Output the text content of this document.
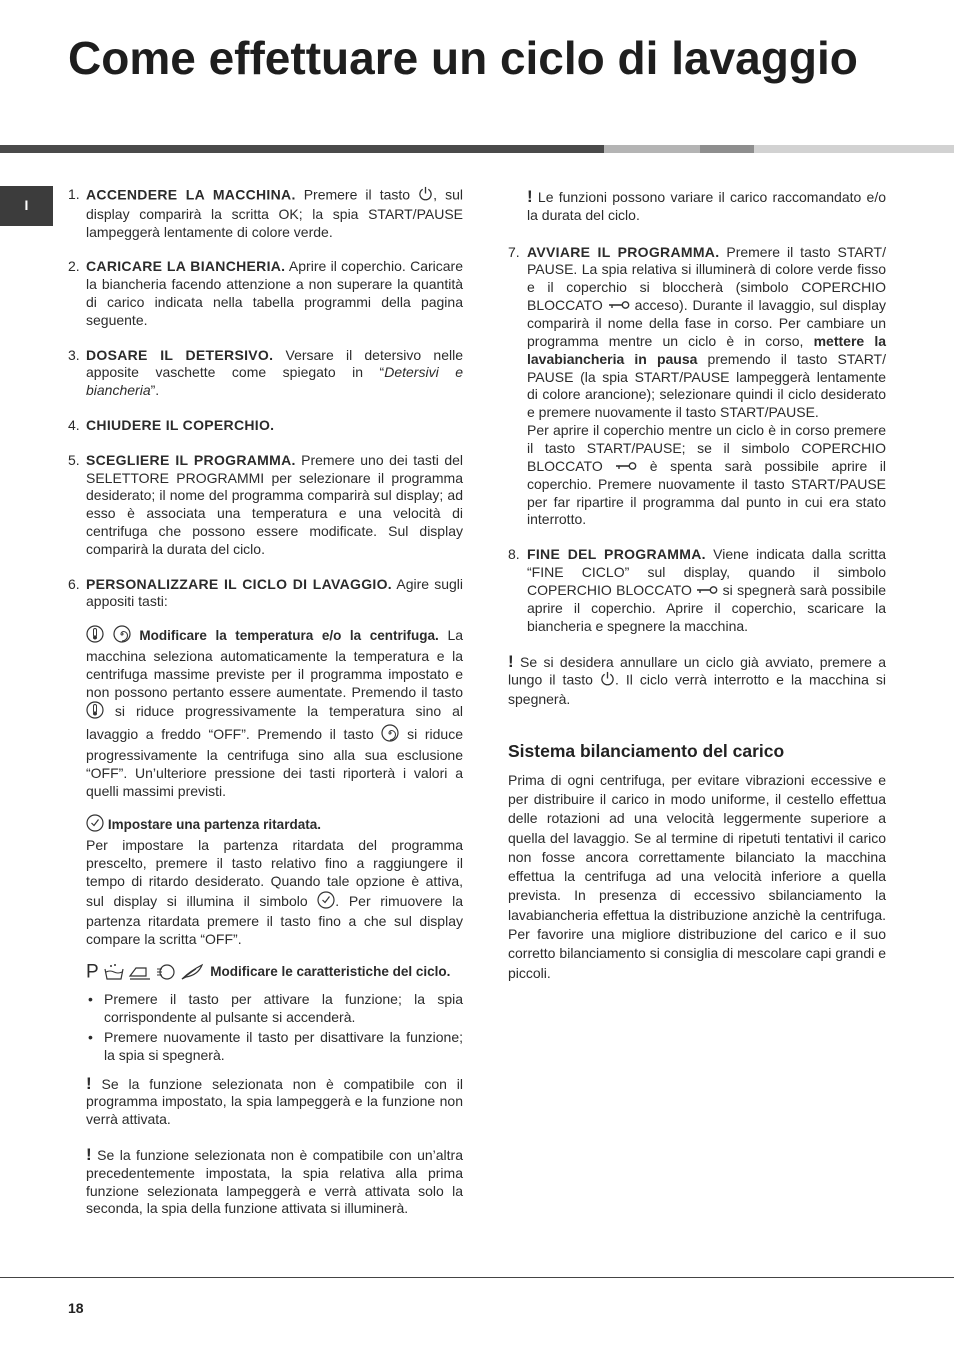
Come effettuare un ciclo di lavaggio
I
1. ACCENDERE LA MACCHINA. Premere il tasto , sul display comparirà la scritta OK; la spia START/PAUSE lampeggerà lentamente di colore verde.
2. CARICARE LA BIANCHERIA. Aprire il coperchio. Caricare la biancheria facendo attenzione a non superare la quantità di carico indicata nella tabella programmi della pagina seguente.
3. DOSARE IL DETERSIVO. Versare il detersivo nelle apposite vaschette come spiegato in “Detersivi e biancheria”.
4. CHIUDERE IL COPERCHIO.
5. SCEGLIERE IL PROGRAMMA. Premere uno dei tasti del SELETTORE PROGRAMMI per selezionare il programma desiderato; il nome del programma comparirà sul display; ad esso è associata una temperatura e una velocità di centrifuga che possono essere modificate. Sul display comparirà la durata del ciclo.
6. PERSONALIZZARE IL CICLO DI LAVAGGIO. Agire sugli appositi tasti:

Modificare la temperatura e/o la centrifuga. La macchina seleziona automaticamente la temperatura e la centrifuga massime previste per il programma impostato e non possono pertanto essere aumentate. Premendo il tasto  si riduce progressivamente la temperatura sino al lavaggio a freddo “OFF”. Premendo il tasto  si riduce progressivamente la centrifuga sino alla sua esclusione “OFF”. Un’ulteriore pressione dei tasti riporterà i valori a quelli massimi previsti.

Impostare una partenza ritardata.
Per impostare la partenza ritardata del programma prescelto, premere il tasto relativo fino a raggiungere il tempo di ritardo desiderato. Quando tale opzione è attiva, sul display si illumina il simbolo . Per rimuovere la partenza ritardata premere il tasto fino a che sul display compare la scritta “OFF”.

P	Modificare le caratteristiche del ciclo.

• Premere il tasto per attivare la funzione; la spia corrispondente al pulsante si accenderà.
• Premere nuovamente il tasto per disattivare la funzione; la spia si spegnerà.

! Se la funzione selezionata non è compatibile con il programma impostato, la spia lampeggerà e la funzione non verrà attivata.

! Se la funzione selezionata non è compatibile con un’altra precedentemente impostata, la spia relativa alla prima funzione selezionata lampeggerà e verrà attivata solo la seconda, la spia della funzione attivata si illuminerà.

! Le funzioni possono variare il carico raccomandato e/o la durata del ciclo.

7. AVVIARE IL PROGRAMMA. Premere il tasto START/ PAUSE. La spia relativa si illuminerà di colore verde fisso e il coperchio si bloccherà (simbolo COPERCHIO BLOCCATO  acceso). Durante il lavaggio, sul display comparirà il nome della fase in corso. Per cambiare un programma mentre un ciclo è in corso, mettere la lavabiancheria in pausa premendo il tasto START/ PAUSE (la spia START/PAUSE lampeggerà lentamente di colore arancione); selezionare quindi il ciclo desiderato e premere nuovamente il tasto START/PAUSE.
Per aprire il coperchio mentre un ciclo è in corso premere il tasto START/PAUSE; se il simbolo COPERCHIO BLOCCATO  è spenta sarà possibile aprire il coperchio. Premere nuovamente il tasto START/PAUSE per far ripartire il programma dal punto in cui era stato interrotto.
8. FINE DEL PROGRAMMA. Viene indicata dalla scritta “FINE CICLO” sul display, quando il simbolo COPERCHIO BLOCCATO  si spegnerà sarà possibile aprire il coperchio. Aprire il coperchio, scaricare la biancheria e spegnere la macchina.

! Se si desidera annullare un ciclo già avviato, premere a lungo il tasto . Il ciclo verrà interrotto e la macchina si spegnerà.

Sistema bilanciamento del carico

Prima di ogni centrifuga, per evitare vibrazioni eccessive e per distribuire il carico in modo uniforme, il cestello effettua delle rotazioni ad una velocità leggermente superiore a quella del lavaggio. Se al termine di ripetuti tentativi il carico non fosse ancora correttamente bilanciato la macchina effettua la centrifuga ad una velocità inferiore a quella prevista. In presenza di eccessivo sbilanciamento la lavabiancheria effettua la distribuzione anzichè la centrifuga. Per favorire una migliore distribuzione del carico e il suo corretto bilanciamento si consiglia di mescolare capi grandi e piccoli.

18
